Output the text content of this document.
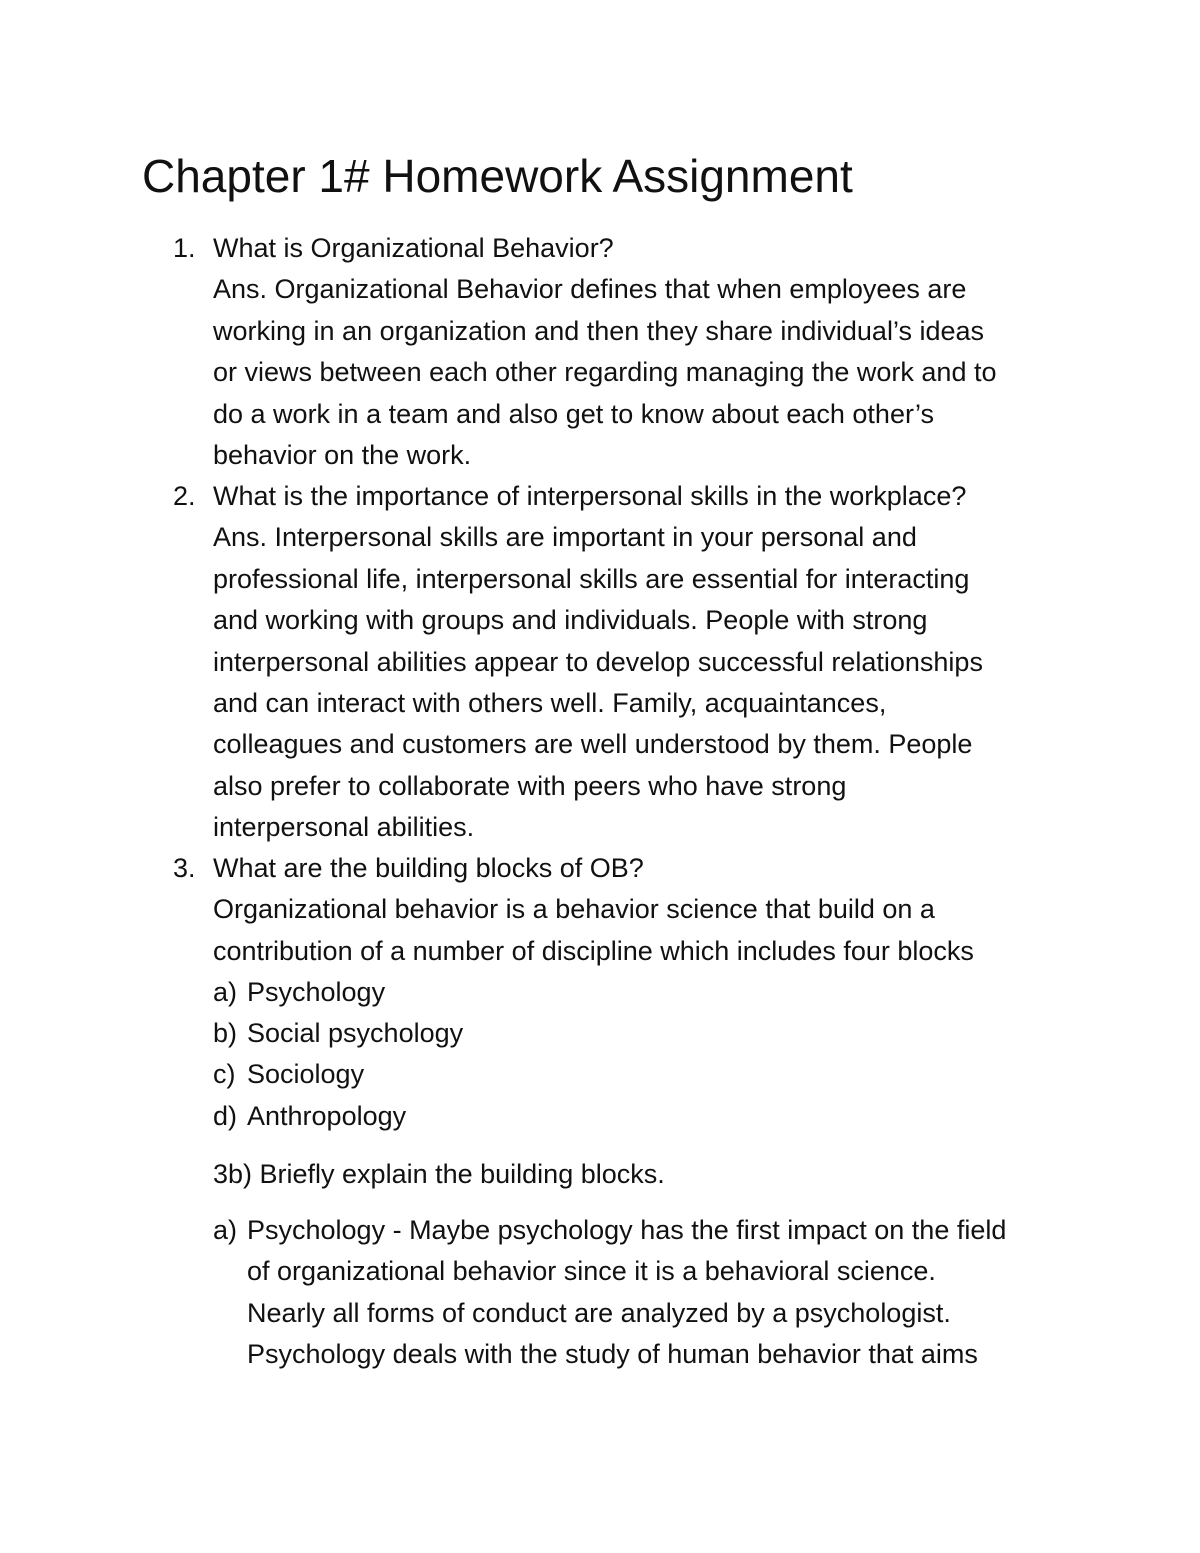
Chapter 1# Homework Assignment
1. What is Organizational Behavior?
Ans. Organizational Behavior defines that when employees are
working in an organization and then they share individual’s ideas
or views between each other regarding managing the work and to
do a work in a team and also get to know about each other’s
behavior on the work.
2. What is the importance of interpersonal skills in the workplace?
Ans. Interpersonal skills are important in your personal and
professional life, interpersonal skills are essential for interacting
and working with groups and individuals. People with strong
interpersonal abilities appear to develop successful relationships
and can interact with others well. Family, acquaintances,
colleagues and customers are well understood by them. People
also prefer to collaborate with peers who have strong
interpersonal abilities.
3. What are the building blocks of OB?
Organizational behavior is a behavior science that build on a
contribution of a number of discipline which includes four blocks
a) Psychology
b) Social psychology
c) Sociology
d) Anthropology
3b) Briefly explain the building blocks.
a) Psychology - Maybe psychology has the first impact on the field
of organizational behavior since it is a behavioral science.
Nearly all forms of conduct are analyzed by a psychologist.
Psychology deals with the study of human behavior that aims
